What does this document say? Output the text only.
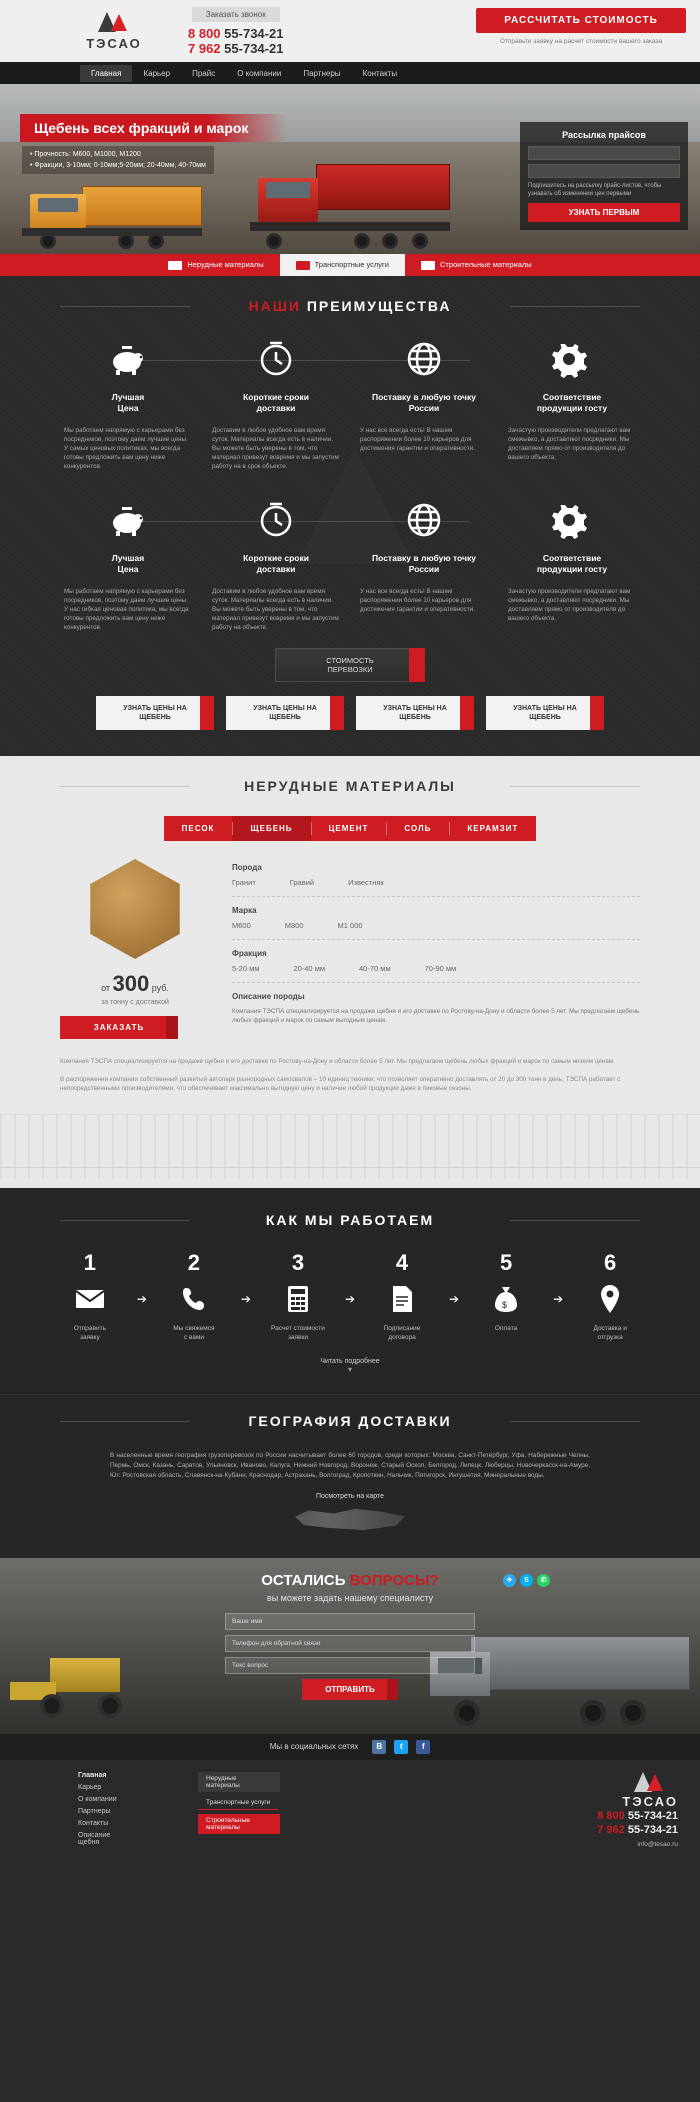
ТЭСАО
Заказать звонок
8 800 55-734-21
7 962 55-734-21
РАССЧИТАТЬ СТОИМОСТЬ
Отправьте заявку на расчет стоимости вашего заказа
Главная	Карьер	Прайс	О компании	Партнеры	Контакты
Щебень всех фракций и марок
• Прочность: М600, М1000, М1200
• Фракции, 3-10мм; 0-10мм;5-20мм; 20-40мм, 40-70мм
Рассылка прайсов

Подпишитесь на рассылку прайс-листов, чтобы узнавать об изменении цен первыми

УЗНАТЬ ПЕРВЫМ
Нерудные материалы	Транспортные услуги	Строительные материалы
НАШИ ПРЕИМУЩЕСТВА
Лучшая
Цена
Мы работаем напрямую с карьерами без посредников, поэтому даем лучшие цены. У самых ценовых политиках, мы всегда готовы предложить вам цену ниже конкурентов.
Короткие сроки
доставки
Доставим в любое удобное вам время суток. Материалы всегда есть в наличии. Вы можете быть уверены в том, что материал привезут вовремя и мы запустим работу на в срок объекте.
Поставку в любую точку
России
У нас все всегда есть! В нашем распоряжении более 10 карьеров для достижения гарантии и оперативности.
Соответствие
продукции госту
Зачастую производители предлагают вам смежывко, а доставляют посредники. Мы доставляем прямо от производителя до вашего объекта.
Лучшая
Цена
Мы работаем напрямую с карьерами без посредников, поэтому даем лучшие цены. У нас гибкая ценовая политика, мы всегда готовы предложить вам цену ниже конкурентов.
Короткие сроки
доставки
Доставим в любое удобное вам время суток. Материалы всегда есть в наличии. Вы можете быть уверены в том, что материал привезут вовремя и мы запустим работу на объекте.
Поставку в любую точку
России
У нас все всегда есть! В нашем распоряжении более 10 карьеров для достижения гарантии и оперативности.
Соответствие
продукции госту
Зачастую производители предлагают вам смежывко, а доставляют посредники. Мы доставляем прямо от производителя до вашего объекта.
СТОИМОСТЬ
ПЕРЕВОЗКИ
УЗНАТЬ ЦЕНЫ НА
ЩЕБЕНЬ
УЗНАТЬ ЦЕНЫ НА
ЩЕБЕНЬ
УЗНАТЬ ЦЕНЫ НА
ЩЕБЕНЬ
УЗНАТЬ ЦЕНЫ НА
ЩЕБЕНЬ
НЕРУДНЫЕ МАТЕРИАЛЫ
ПЕСОК	ЩЕБЕНЬ	ЦЕМЕНТ	СОЛЬ	КЕРАМЗИТ
от 300 руб.
за тонну с доставкой
ЗАКАЗАТЬ
Порода
Гранит	Гравий	Известняк
Марка
М600	М800	М1 000
Фракция
5-20 мм	20-40 мм	40-70 мм	70-90 мм
Описание породы
Компания ТЭСПА специализируется на продаже щебня и его доставке по Ростову-на-Дону и области более 5 лет. Мы предлагаем щебень любых фракций и марок по самым выгодным ценам.

Компания ТЭСПА специализируется на продаже щебня и его доставке по Ростову-на-Дону и области более 5 лет. Мы предлагаем щебень любых фракций и марок по самым низким ценам.

В распоряжении компании собственный развитый автопарк разнородных самосвалов – 10 единиц техники, что позволяет оперативно доставлять от 20 до 300 тонн в день. ТЭСПА работает с непосредственными производителями, что обеспечивает максимально выгодную цену и наличие любой продукции даже в пиковые сезоны.

КАК МЫ РАБОТАЕМ
1
Отправить
заявку
➔
2
Мы свяжемся
с вами
➔
3
Расчет стоимости
заявки
➔
4
Подписание
договора
➔
5
$
Оплата
➔
6
Доставка и
отгрузка
Читать подробнее
▾
ГЕОГРАФИЯ ДОСТАВКИ
В населенные время география грузоперевозок по России насчитывает более 60 городов, среди которых: Москва, Санкт-Петербург, Уфа, Набережные Челны, Пермь, Омск, Казань, Саратов, Ульяновск, Иваново, Калуга, Нижний Новгород, Воронеж, Старый Оскол, Белгород, Липецк, Люберцы, Новочеркасск-на-Амуре, Юг: Ростовская область, Славянск-на-Кубани, Краснодар, Астрахань, Волгоград, Кропоткин, Нальчик, Пятигорск, Ингушетия, Минеральные воды.
Посмотреть на карте
✈	S	✆
ОСТАЛИСЬ ВОПРОСЫ?
вы можете задать нашему специалисту
Ваше имя
Телефон для обратной связи
Текс вопрос
ОТПРАВИТЬ
Мы в социальных сетях	B	t	f
Главная
Карьер
О компании
Партнеры
Контакты
Описание щебня
Нерудные материалы
Транспортные услуги
Строительные материалы
ТЭСАО
8 800 55-734-21
7 962 55-734-21
info@tesao.ru
